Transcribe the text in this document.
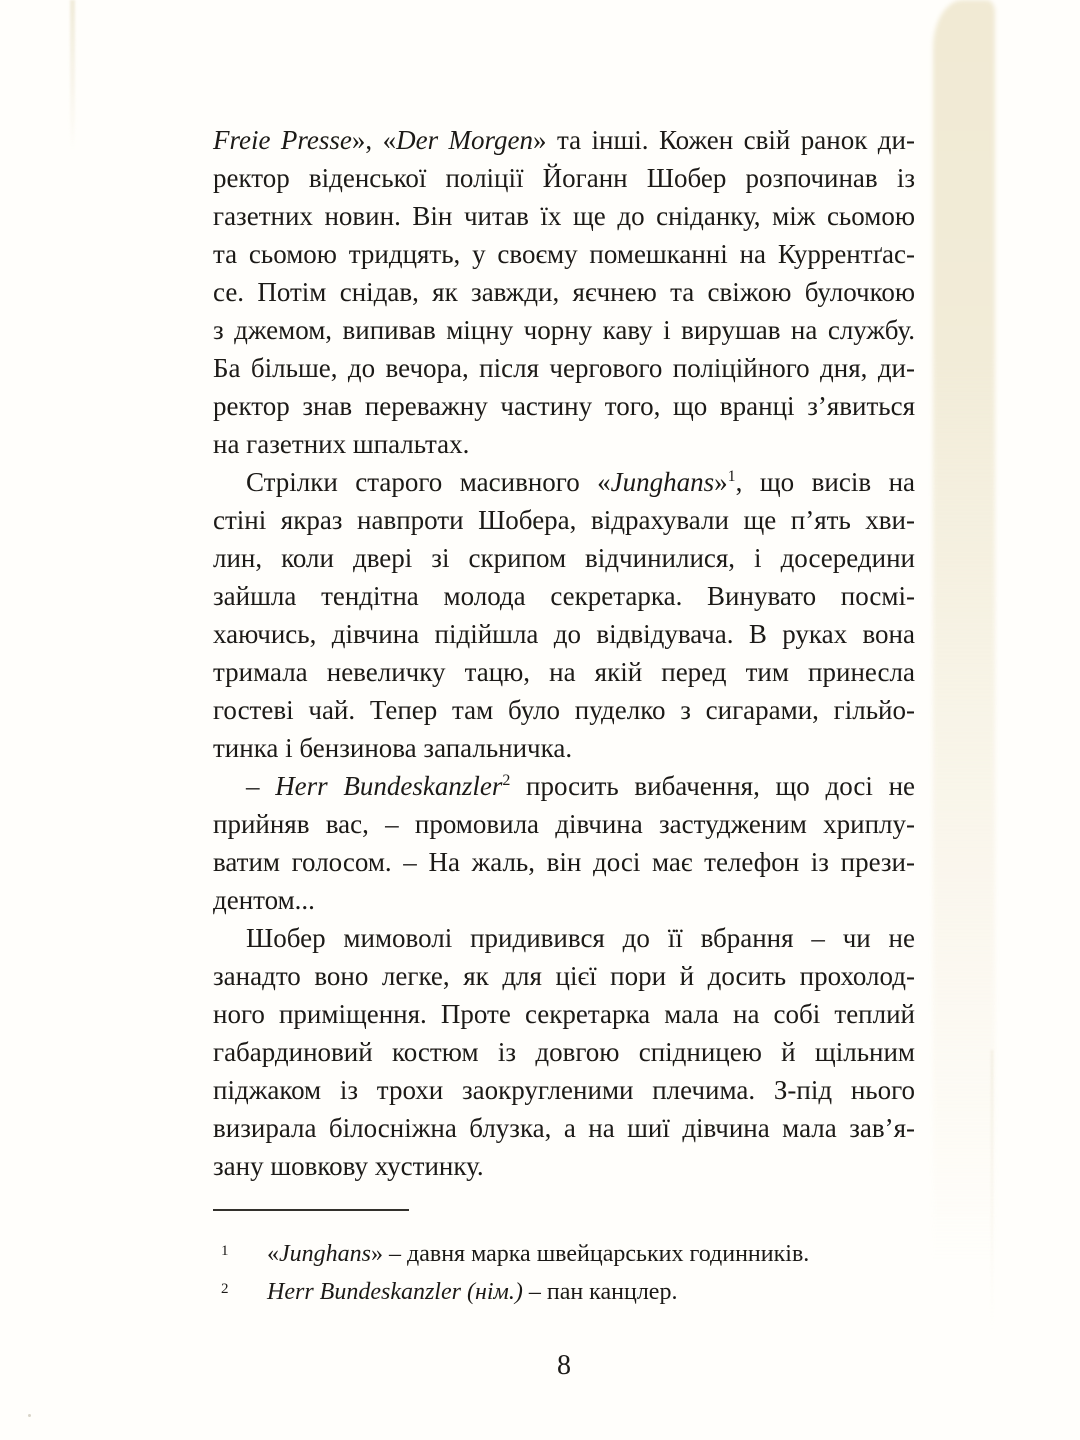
Freie Presse», «Der Morgen» та інші. Кожен свій ранок ди-
ректор віденської поліції Йоганн Шобер розпочинав із
газетних новин. Він читав їх ще до сніданку, між сьомою
та сьомою тридцять, у своєму помешканні на Куррентґас-
се. Потім снідав, як завжди, яєчнею та свіжою булочкою
з джемом, випивав міцну чорну каву і вирушав на службу.
Ба більше, до вечора, після чергового поліційного дня, ди-
ректор знав переважну частину того, що вранці з’явиться
на газетних шпальтах.
Стрілки старого масивного «Junghans»$^1$, що висів на
стіні якраз навпроти Шобера, відрахували ще п’ять хви-
лин, коли двері зі скрипом відчинилися, і досередини
зайшла тендітна молода секретарка. Винувато посмі-
хаючись, дівчина підійшла до відвідувача. В руках вона
тримала невеличку тацю, на якій перед тим принесла
гостеві чай. Тепер там було пуделко з сигарами, гільйо-
тинка і бензинова запальничка.
– Herr Bundeskanzler$^2$ просить вибачення, що досі не
прийняв вас, – промовила дівчина застудженим хриплу-
ватим голосом. – На жаль, він досі має телефон із прези-
дентом...
Шобер мимоволі придивився до її вбрання – чи не
занадто воно легке, як для цієї пори й досить прохолод-
ного приміщення. Проте секретарка мала на собі теплий
габардиновий костюм із довгою спідницею й щільним
піджаком із трохи заокругленими плечима. З-під нього
визирала білосніжна блузка, а на шиї дівчина мала зав’я-
зану шовкову хустинку.
1 «Junghans» – давня марка швейцарських годинників.
2 Herr Bundeskanzler (нім.) – пан канцлер.
8
